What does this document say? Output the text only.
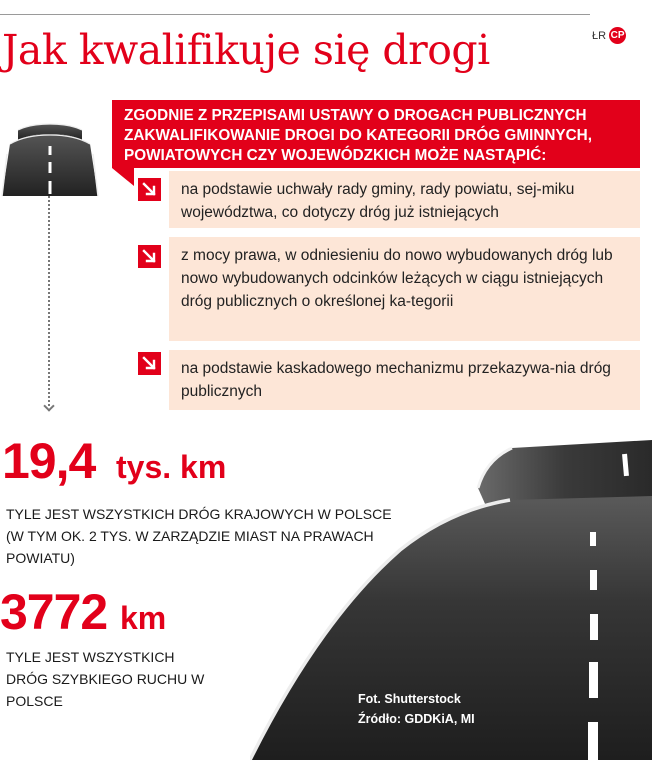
Jak kwalifikuje się drogi	ŁR CP
ZGODNIE Z PRZEPISAMI USTAWY O DROGACH PUBLICZNYCH ZAKWALIFIKOWANIE DROGI DO KATEGORII DRÓG GMINNYCH, POWIATOWYCH CZY WOJEWÓDZKICH MOŻE NASTĄPIĆ:
na podstawie uchwały rady gminy, rady powiatu, sej-miku województwa, co dotyczy dróg już istniejących
z mocy prawa, w odniesieniu do nowo wybudowanych dróg lub nowo wybudowanych odcinków leżących w ciągu istniejących dróg publicznych o określonej ka-tegorii
na podstawie kaskadowego mechanizmu przekazywa-nia dróg publicznych
19,4 tys. km
TYLE JEST WSZYSTKICH DRÓG KRAJOWYCH W POLSCE (W TYM OK. 2 TYS. W ZARZĄDZIE MIAST NA PRAWACH POWIATU)
3772 km
TYLE JEST WSZYSTKICH DRÓG SZYBKIEGO RUCHU W POLSCE	Fot. Shutterstock
Źródło: GDDKiA, MI
